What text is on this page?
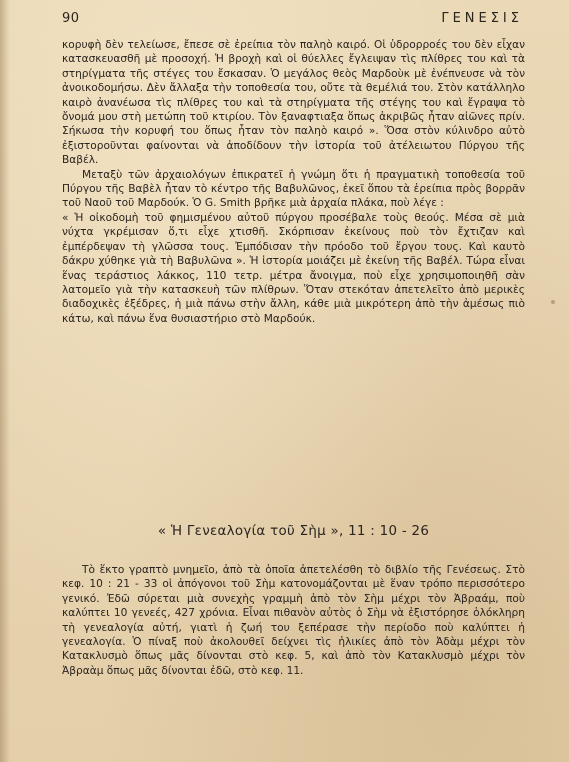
90	ΓΕΝΕΣΙΣ

κορυφὴ δὲν τελείωσε, ἔπεσε σὲ ἐρείπια τὸν παληὸ καιρό. Οἱ ὑδρορροές του δὲν εἶχαν κατασκευασθῆ μὲ προσοχή. Ἡ βροχὴ καὶ οἱ θύελλες ἔγλειψαν τὶς πλίθρες του καὶ τὰ στηρίγματα τῆς στέγες του ἔσκασαν. Ὁ μεγάλος θεὸς Μαρδοὺκ μὲ ἐνέπνευσε νὰ τὸν ἀνοικοδομήσω. Δὲν ἄλλαξα τὴν τοποθεσία του, οὔτε τὰ θεμέλιά του. Στὸν κατάλληλο καιρὸ ἀνανέωσα τὶς πλίθρες του καὶ τὰ στηρίγματα τῆς στέγης του καὶ ἔγραψα τὸ ὄνομά μου στὴ μετώπη τοῦ κτιρίου. Τὸν ξαναφτιαξα ὅπως ἀκριβῶς ἦταν αἰῶνες πρίν. Σήκωσα τὴν κορυφή του ὅπως ἦταν τὸν παληὸ καιρό ». Ὅσα στὸν κύλινδρο αὐτὸ ἐξιστοροῦνται φαίνονται νὰ ἀποδίδουν τὴν ἱστορία τοῦ ἀτέλειωτου Πύργου τῆς Βαβέλ.

Μεταξὺ τῶν ἀρχαιολόγων ἐπικρατεῖ ἡ γνώμη ὅτι ἡ πραγματικὴ τοποθεσία τοῦ Πύργου τῆς Βαβὲλ ἦταν τὸ κέντρο τῆς Βαβυλῶνος, ἐκεῖ ὅπου τὰ ἐρείπια πρὸς βορρᾶν τοῦ Ναοῦ τοῦ Μαρδούκ. Ὁ G. Smith βρῆκε μιὰ ἀρχαία πλάκα, ποὺ λέγε :

« Ἡ οἰκοδομὴ τοῦ φημισμένου αὐτοῦ πύργου προσέβαλε τοὺς θεούς. Μέσα σὲ μιὰ νύχτα γκρέμισαν ὅ,τι εἶχε χτισθῆ. Σκόρπισαν ἐκείνους ποὺ τὸν ἔχτιζαν καὶ ἐμπέρδεψαν τὴ γλῶσσα τους. Ἐμπόδισαν τὴν πρόοδο τοῦ ἔργου τους. Καὶ καυτὸ δάκρυ χύθηκε γιὰ τὴ Βαβυλῶνα ». Ἡ ἱστορία μοιάζει μὲ ἐκείνη τῆς Βαβέλ. Τώρα εἶναι ἕνας τεράστιος λάκκος, 110 τετρ. μέτρα ἄνοιγμα, ποὺ εἶχε χρησιμοποιηθῆ σὰν λατομεῖο γιὰ τὴν κατασκευὴ τῶν πλίθρων. Ὅταν στεκόταν ἀπετελεῖτο ἀπὸ μερικὲς διαδοχικὲς ἐξέδρες, ἡ μιὰ πάνω στὴν ἄλλη, κάθε μιὰ μικρότερη ἀπὸ τὴν ἀμέσως πιὸ κάτω, καὶ πάνω ἕνα θυσιαστήριο στὸ Μαρδούκ.

« Ἡ Γενεαλογία τοῦ Σὴμ », 11 : 10 - 26

Τὸ ἕκτο γραπτὸ μνημεῖο, ἀπὸ τὰ ὁποῖα ἀπετελέσθη τὸ διβλίο τῆς Γενέσεως. Στὸ κεφ. 10 : 21 - 33 οἱ ἀπόγονοι τοῦ Σὴμ κατονομάζονται μὲ ἕναν τρόπο περισσότερο γενικό. Ἐδῶ σύρεται μιὰ συνεχὴς γραμμὴ ἀπὸ τὸν Σὴμ μέχρι τὸν Ἀβραάμ, ποὺ καλύπτει 10 γενεές, 427 χρόνια. Εἶναι πιθανὸν αὐτὸς ὁ Σὴμ νὰ ἐξιστόρησε ὁλόκληρη τὴ γενεαλογία αὐτή, γιατὶ ἡ ζωή του ξεπέρασε τὴν περίοδο ποὺ καλύπτει ἡ γενεαλογία. Ὁ πίναξ ποὺ ἀκολουθεῖ δείχνει τὶς ἡλικίες ἀπὸ τὸν Ἀδὰμ μέχρι τὸν Κατακλυσμὸ ὅπως μᾶς δίνονται στὸ κεφ. 5, καὶ ἀπὸ τὸν Κατακλυσμὸ μέχρι τὸν Ἀβραὰμ ὅπως μᾶς δίνονται ἐδῶ, στὸ κεφ. 11.
